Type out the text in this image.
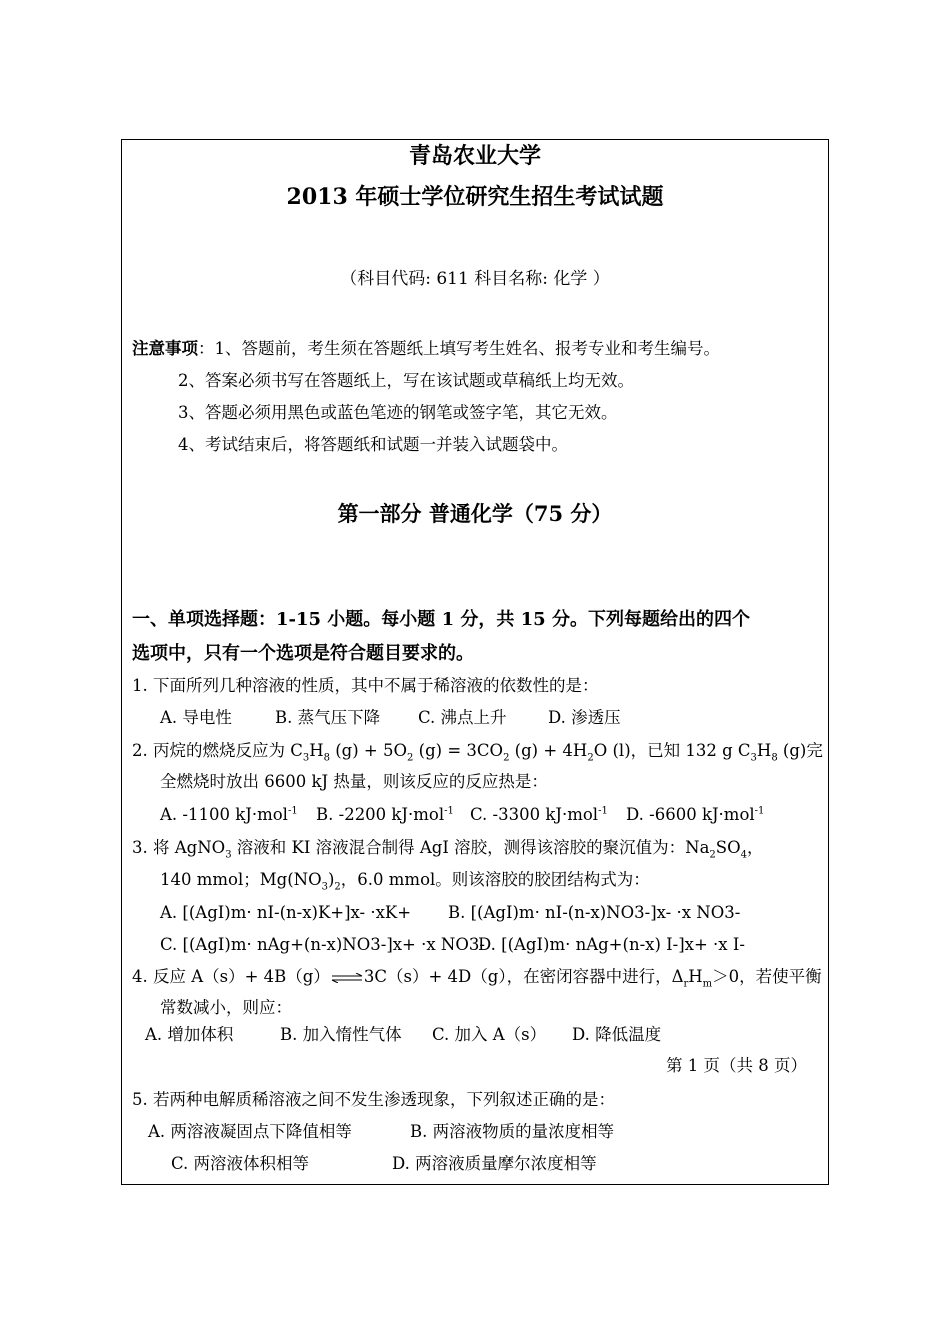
青岛农业大学
2013 年硕士学位研究生招生考试试题
（科目代码: 611 科目名称: 化学 ）
注意事项：1、答题前，考生须在答题纸上填写考生姓名、报考专业和考生编号。
2、答案必须书写在答题纸上，写在该试题或草稿纸上均无效。
3、答题必须用黑色或蓝色笔迹的钢笔或签字笔，其它无效。
4、考试结束后，将答题纸和试题一并装入试题袋中。
第一部分 普通化学（75 分）
一、单项选择题：1-15 小题。每小题 1 分，共 15 分。下列每题给出的四个
选项中，只有一个选项是符合题目要求的。
1. 下面所列几种溶液的性质，其中不属于稀溶液的依数性的是：
A. 导电性	B. 蒸气压下降 C. 沸点上升	D. 渗透压
2. 丙烷的燃烧反应为 $C_3H_8$ $(g) + 5O_2$ $(g) = 3CO_2$ $(g) + 4H_2O$ (l)，已知 132 g $C_3H_8$ (g)完
全燃烧时放出 6600 kJ 热量，则该反应的反应热是：
A. -1100 kJ·mol$^{-1}$ B. -2200 kJ·mol$^{-1}$ C. -3300 kJ·mol$^{-1}$ D. -6600 kJ·mol$^{-1}$
3. 将 AgNO$_3$ 溶液和 KI 溶液混合制得 AgI 溶胶，测得该溶胶的聚沉值为：$Na_2SO_4$，
140 mmol；$Mg(NO_3)_2$，6.0 mmol。则该溶胶的胶团结构式为：
A. [(AgI)m· nI-(n-x)K+]x- ·xK+ B. [(AgI)m· nI-(n-x)NO3-]x- ·x NO3-
C. [(AgI)m· nAg+(n-x)NO3-]x+ ·x NO3-
D. [(AgI)m· nAg+(n-x) I-]x+ ·x I-
4. 反应 A（s）+ 4B（g）⇌3C（s）+ 4D（g），在密闭容器中进行，$\Delta_rH_m>0$，若使平衡
常数减小，则应：
A. 增加体积	B. 加入惰性气体 C. 加入 A（s） D. 降低温度
第 1 页（共 8 页）
5. 若两种电解质稀溶液之间不发生渗透现象，下列叙述正确的是：
A. 两溶液凝固点下降值相等	B. 两溶液物质的量浓度相等
C. 两溶液体积相等	D. 两溶液质量摩尔浓度相等
